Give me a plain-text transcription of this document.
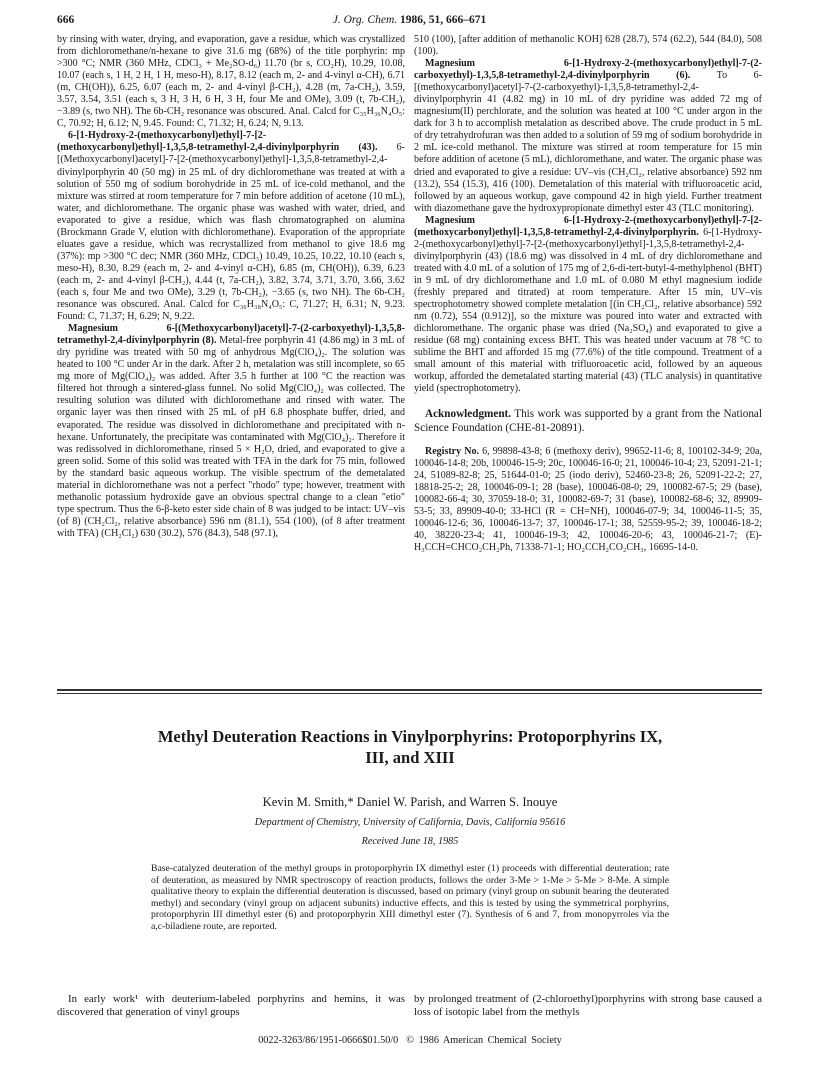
666	J. Org. Chem. 1986, 51, 666–671

by rinsing with water, drying, and evaporation, gave a residue, which was crystallized from dichloromethane/n-hexane to give 31.6 mg (68%) of the title porphyrin: mp >300 °C; NMR (360 MHz, CDCl₃ + Me₂SO-d₆) 11.70 (br s, CO₂H), 10.29, 10.08, 10.07 (each s, 1 H, 2 H, 1 H, meso-H), 8.17, 8.12 (each m, 2- and 4-vinyl α-CH), 6.71 (m, CH(OH)), 6.25, 6.07 (each m, 2- and 4-vinyl β-CH₂), 4.28 (m, 7a-CH₂), 3.59, 3.57, 3.54, 3.51 (each s, 3 H, 3 H, 6 H, 3 H, four Me and OMe), 3.09 (t, 7b-CH₂), −3.89 (s, two NH). The 6b-CH₂ resonance was obscured. Anal. Calcd for C₃₅H₃₆N₄O₅: C, 70.92; H, 6.12; N, 9.45. Found: C, 71.32; H, 6.24; N, 9.13.

6-[1-Hydroxy-2-(methoxycarbonyl)ethyl]-7-[2-(methoxycarbonyl)ethyl]-1,3,5,8-tetramethyl-2,4-divinylporphyrin (43). 6-[(Methoxycarbonyl)acetyl]-7-[2-(methoxycarbonyl)ethyl]-1,3,5,8-tetramethyl-2,4-divinylporphyrin 40 (50 mg) in 25 mL of dry dichloromethane was treated at with a solution of 550 mg of sodium borohydride in 25 mL of ice-cold methanol, and the mixture was stirred at room temperature for 7 min before addition of acetone (10 mL), water, and dichloromethane. The organic phase was washed with water, dried, and evaporated to give a residue, which was flash chromatographed on alumina (Brockmann Grade V, elution with dichloromethane). Evaporation of the appropriate eluates gave a residue, which was recrystallized from methanol to give 18.6 mg (37%): mp >300 °C dec; NMR (360 MHz, CDCl₃) 10.49, 10.25, 10.22, 10.10 (each s, meso-H), 8.30, 8.29 (each m, 2- and 4-vinyl α-CH), 6.85 (m, CH(OH)), 6.39, 6.23 (each m, 2- and 4-vinyl β-CH₂), 4.44 (t, 7a-CH₂), 3.82, 3.74, 3.71, 3.70, 3.66, 3.62 (each s, four Me and two OMe), 3.29 (t, 7b-CH₂), −3.65 (s, two NH). The 6b-CH₂ resonance was obscured. Anal. Calcd for C₃₆H₃₈N₄O₅: C, 71.27; H, 6.31; N, 9.23. Found: C, 71.37; H, 6.29; N, 9.22.

Magnesium 6-[(Methoxycarbonyl)acetyl]-7-(2-carboxyethyl)-1,3,5,8-tetramethyl-2,4-divinylporphyrin (8). Metal-free porphyrin 41 (4.86 mg) in 3 mL of dry pyridine was treated with 50 mg of anhydrous Mg(ClO₄)₂. The solution was heated to 100 °C under Ar in the dark. After 2 h, metalation was still incomplete, so 65 mg more of Mg(ClO₄)₂ was added. After 3.5 h further at 100 °C the reaction was filtered hot through a sintered-glass funnel. No solid Mg(ClO₄)₂ was collected. The resulting solution was diluted with dichloromethane and rinsed with water. The organic layer was then rinsed with 25 mL of pH 6.8 phosphate buffer, dried, and evaporated. The residue was dissolved in dichloromethane and precipitated with n-hexane. Unfortunately, the precipitate was contaminated with Mg(ClO₄)₂. Therefore it was redissolved in dichloromethane, rinsed 5 × H₂O, dried, and evaporated to give a green solid. Some of this solid was treated with TFA in the dark for 75 min, followed by the standard basic aqueous workup. The visible spectrum of the demetalated material in dichloromethane was not a perfect "rhodo" type; however, treatment with methanolic potassium hydroxide gave an obvious spectral change to a clean "etio" type spectrum. Thus the 6-β-keto ester side chain of 8 was judged to be intact: UV–vis (of 8) (CH₂Cl₂, relative absorbance) 596 nm (81.1), 554 (100), (of 8 after treatment with TFA) (CH₂Cl₂) 630 (30.2), 576 (84.3), 548 (97.1),

510 (100), [after addition of methanolic KOH] 628 (28.7), 574 (62.2), 544 (84.0), 508 (100).

Magnesium 6-[1-Hydroxy-2-(methoxycarbonyl)ethyl]-7-(2-carboxyethyl)-1,3,5,8-tetramethyl-2,4-divinylporphyrin (6). To 6-[(methoxycarbonyl)acetyl]-7-(2-carboxyethyl)-1,3,5,8-tetramethyl-2,4-divinylporphyrin 41 (4.82 mg) in 10 mL of dry pyridine was added 72 mg of magnesium(II) perchlorate, and the solution was heated at 100 °C under argon in the dark for 3 h to accomplish metalation as described above. The crude product in 5 mL of dry tetrahydrofuran was then added to a solution of 59 mg of sodium borohydride in 2 mL ice-cold methanol. The mixture was stirred at room temperature for 15 min before addition of acetone (5 mL), dichloromethane, and water. The organic phase was dried and evaporated to give a residue: UV–vis (CH₂Cl₂, relative absorbance) 592 nm (13.2), 554 (15.3), 416 (100). Demetalation of this material with trifluoroacetic acid, followed by an aqueous workup, gave compound 42 in high yield. Further treatment with diazomethane gave the hydroxypropionate dimethyl ester 43 (TLC monitoring).

Magnesium 6-[1-Hydroxy-2-(methoxycarbonyl)ethyl]-7-[2-(methoxycarbonyl)ethyl]-1,3,5,8-tetramethyl-2,4-divinylporphyrin. 6-[1-Hydroxy-2-(methoxycarbonyl)ethyl]-7-[2-(methoxycarbonyl)ethyl]-1,3,5,8-tetramethyl-2,4-divinylporphyrin (43) (18.6 mg) was dissolved in 4 mL of dry dichloromethane and treated with 4.0 mL of a solution of 175 mg of 2,6-di-tert-butyl-4-methylphenol (BHT) in 9 mL of dry dichloromethane and 1.0 mL of 0.080 M ethyl magnesium iodide (freshly prepared and titrated) at room temperature. After 15 min, UV–vis spectrophotometry showed complete metalation [(in CH₂Cl₂, relative absorbance) 592 nm (0.72), 554 (0.912)], so the mixture was poured into water and extracted with dichloromethane. The organic phase was dried (Na₂SO₄) and evaporated to give a residue (68 mg) containing excess BHT. This was heated under vacuum at 78 °C to sublime the BHT and afforded 15 mg (77.6%) of the title compound. Treatment of a small amount of this material with trifluoroacetic acid, followed by an aqueous workup, afforded the demetalated starting material (43) (TLC analysis) in quantitative yield (spectrophotometry).

Acknowledgment. This work was supported by a grant from the National Science Foundation (CHE-81-20891).

Registry No. 6, 99898-43-8; 6 (methoxy deriv), 99652-11-6; 8, 100102-34-9; 20a, 100046-14-8; 20b, 100046-15-9; 20c, 100046-16-0; 21, 100046-10-4; 23, 52091-21-1; 24, 51089-82-8; 25, 51644-01-0; 25 (iodo deriv), 52460-23-8; 26, 52091-22-2; 27, 18818-25-2; 28, 100046-09-1; 28 (base), 100046-08-0; 29, 100082-67-5; 29 (base), 100082-66-4; 30, 37059-18-0; 31, 100082-69-7; 31 (base), 100082-68-6; 32, 89909-53-5; 33, 89909-40-0; 33-HCl (R = CH=NH), 100046-07-9; 34, 100046-11-5; 35, 100046-12-6; 36, 100046-13-7; 37, 100046-17-1; 38, 52559-95-2; 39, 100046-18-2; 40, 38220-23-4; 41, 100046-19-3; 42, 100046-20-6; 43, 100046-21-7; (E)-H₃CCH=CHCO₂CH₂Ph, 71338-71-1; HO₂CCH₂CO₂CH₃, 16695-14-0.

Methyl Deuteration Reactions in Vinylporphyrins: Protoporphyrins IX,
III, and XIII
Kevin M. Smith,* Daniel W. Parish, and Warren S. Inouye
Department of Chemistry, University of California, Davis, California 95616
Received June 18, 1985
Base-catalyzed deuteration of the methyl groups in protoporphyrin IX dimethyl ester (1) proceeds with differential deuteration; rate of deuteration, as measured by NMR spectroscopy of reaction products, follows the order 3-Me > 1-Me > 5-Me > 8-Me. A simple qualitative theory to explain the differential deuteration is discussed, based on primary (vinyl group on subunit bearing the deuterated methyl) and secondary (vinyl group on adjacent subunits) inductive effects, and this is tested by using the symmetrical porphyrins, protoporphyrin III dimethyl ester (6) and protoporphyrin XIII dimethyl ester (7). Synthesis of 6 and 7, from monopyrroles via the a,c-biladiene route, are reported.
In early work¹ with deuterium-labeled porphyrins and hemins, it was discovered that generation of vinyl groups
by prolonged treatment of (2-chloroethyl)porphyrins with strong base caused a loss of isotopic label from the methyls
0022-3263/86/1951-0666$01.50/0 © 1986 American Chemical Society
